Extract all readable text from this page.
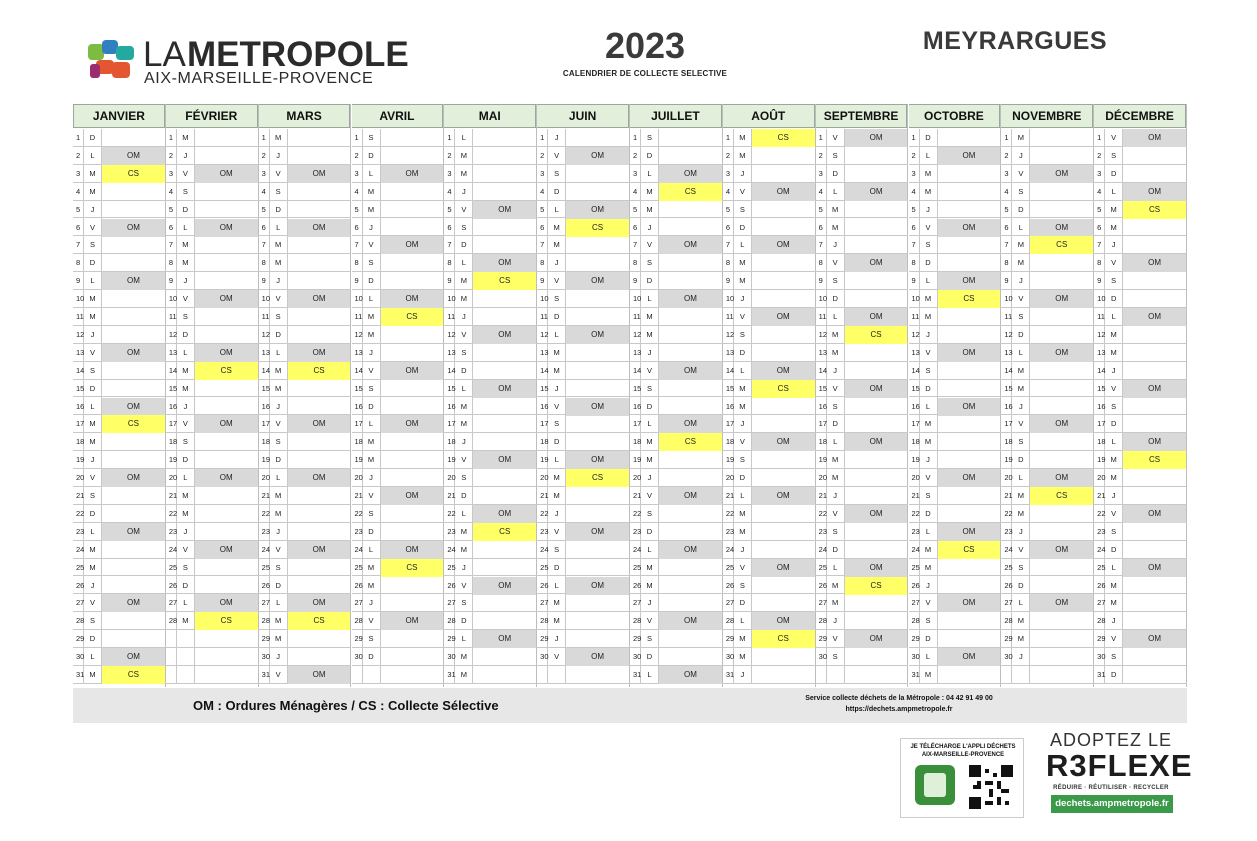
LA METROPOLE
AIX-MARSEILLE-PROVENCE
2023
CALENDRIER DE COLLECTE SELECTIVE
MEYRARGUES
JANVIER
1	D
2	L	OM
3	M	CS
4	M
5	J
6	V	OM
7	S
8	D
9	L	OM
10 M
11 M
12 J
13 V	OM
14 S
15 D
16 L	OM
17 M	CS
18 M
19 J
20 V	OM
21 S
22 D
23 L	OM
24 M
25 M
26 J
27 V	OM
28 S
29 D
30 L	OM
31 M	CS
FÉVRIER
1	M
2	J
3	V	OM
4	S
5	D
6	L	OM
7	M
8	M
9	J
10 V	OM
11 S
12 D
13 L	OM
14 M	CS
15 M
16 J
17 V	OM
18 S
19 D
20 L	OM
21 M
22 M
23 J
24 V	OM
25 S
26 D
27 L	OM
28 M	CS
MARS
1	M
2	J
3	V	OM
4	S
5	D
6	L	OM
7	M
8	M
9	J
10 V	OM
11 S
12 D
13 L	OM
14 M	CS
15 M
16 J
17 V	OM
18 S
19 D
20 L	OM
21 M
22 M
23 J
24 V	OM
25 S
26 D
27 L	OM
28 M	CS
29 M
30 J
31 V	OM
AVRIL
1	S
2	D
3	L	OM
4	M
5	M
6	J
7	V	OM
8	S
9	D
10 L	OM
11 M	CS
12 M
13 J
14 V	OM
15 S
16 D
17 L	OM
18 M
19 M
20 J
21 V	OM
22 S
23 D
24 L	OM
25 M	CS
26 M
27 J
28 V	OM
29 S
30 D
MAI
1	L
2	M
3	M
4	J
5	V	OM
6	S
7	D
8	L	OM
9	M	CS
10 M
11 J
12 V	OM
13 S
14 D
15 L	OM
16 M
17 M
18 J
19 V	OM
20 S
21 D
22 L	OM
23 M	CS
24 M
25 J
26 V	OM
27 S
28 D
29 L	OM
30 M
31 M
JUIN
1	J
2	V	OM
3	S
4	D
5	L	OM
6	M	CS
7	M
8	J
9	V	OM
10 S
11 D
12 L	OM
13 M
14 M
15 J
16 V	OM
17 S
18 D
19 L	OM
20 M	CS
21 M
22 J
23 V	OM
24 S
25 D
26 L	OM
27 M
28 M
29 J
30 V	OM
JUILLET
1	S
2	D
3	L	OM
4	M	CS
5	M
6	J
7	V	OM
8	S
9	D
10 L	OM
11 M
12 M
13 J
14 V	OM
15 S
16 D
17 L	OM
18 M	CS
19 M
20 J
21 V	OM
22 S
23 D
24 L	OM
25 M
26 M
27 J
28 V	OM
29 S
30 D
31 L	OM
AOÛT
1	M	CS
2	M
3	J
4	V	OM
5	S
6	D
7	L	OM
8	M
9	M
10 J
11 V	OM
12 S
13 D
14 L	OM
15 M	CS
16 M
17 J
18 V	OM
19 S
20 D
21 L	OM
22 M
23 M
24 J
25 V	OM
26 S
27 D
28 L	OM
29 M	CS
30 M
31 J
SEPTEMBRE
1	V	OM
2	S
3	D
4	L	OM
5	M
6	M
7	J
8	V	OM
9	S
10 D
11 L	OM
12 M	CS
13 M
14 J
15 V	OM
16 S
17 D
18 L	OM
19 M
20 M
21 J
22 V	OM
23 S
24 D
25 L	OM
26 M	CS
27 M
28 J
29 V	OM
30 S
OCTOBRE
1	D
2	L	OM
3	M
4	M
5	J
6	V	OM
7	S
8	D
9	L	OM
10 M	CS
11 M
12 J
13 V	OM
14 S
15 D
16 L	OM
17 M
18 M
19 J
20 V	OM
21 S
22 D
23 L	OM
24 M	CS
25 M
26 J
27 V	OM
28 S
29 D
30 L	OM
31 M
NOVEMBRE
1	M
2	J
3	V	OM
4	S
5	D
6	L	OM
7	M	CS
8	M
9	J
10 V	OM
11 S
12 D
13 L	OM
14 M
15 M
16 J
17 V	OM
18 S
19 D
20 L	OM
21 M	CS
22 M
23 J
24 V	OM
25 S
26 D
27 L	OM
28 M
29 M
30 J
DÉCEMBRE
1	V	OM
2	S
3	D
4	L	OM
5	M	CS
6	M
7	J
8	V	OM
9	S
10 D
11 L	OM
12 M
13 M
14 J
15 V	OM
16 S
17 D
18 L	OM
19 M	CS
20 M
21 J
22 V	OM
23 S
24 D
25 L	OM
26 M
27 M
28 J
29 V	OM
30 S
31 D
OM : Ordures Ménagères / CS : Collecte Sélective	Service collecte déchets de la Métropole : 04 42 91 49 00
https://dechets.ampmetropole.fr
JE TÉLÉCHARGE L'APPLI DÉCHETS
AIX-MARSEILLE-PROVENCE
ADOPTEZ LE
R3FLEXE
RÉDUIRE · RÉUTILISER · RECYCLER
dechets.ampmetropole.fr
